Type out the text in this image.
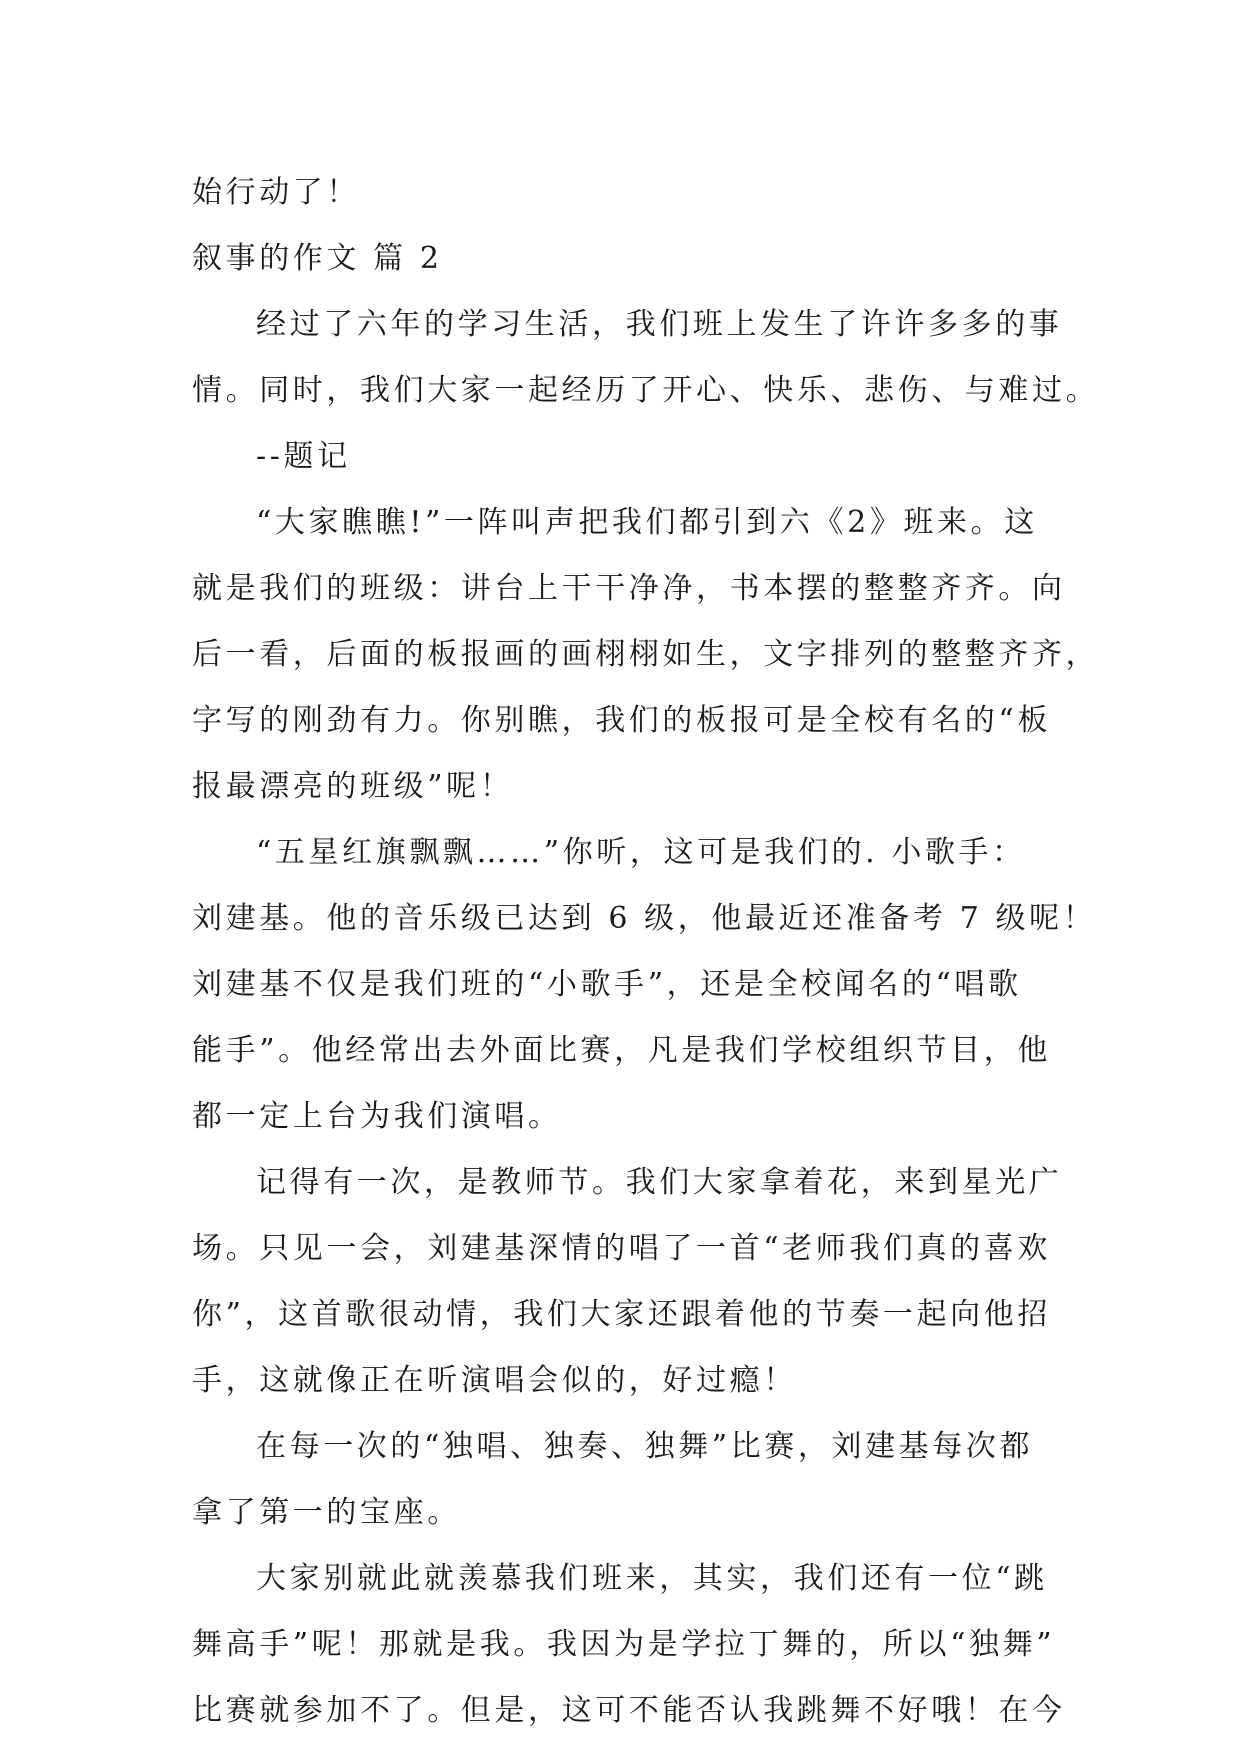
始行动了！
叙事的作文 篇 2
经过了六年的学习生活，我们班上发生了许许多多的事
情。同时，我们大家一起经历了开心、快乐、悲伤、与难过。
--题记
“大家瞧瞧!”一阵叫声把我们都引到六《2》班来。这
就是我们的班级：讲台上干干净净，书本摆的整整齐齐。向
后一看，后面的板报画的画栩栩如生，文字排列的整整齐齐，
字写的刚劲有力。你别瞧，我们的板报可是全校有名的“板
报最漂亮的班级”呢！
“五星红旗飘飘……”你听，这可是我们的. 小歌手：
刘建基。他的音乐级已达到 6 级，他最近还准备考 7 级呢！
刘建基不仅是我们班的“小歌手”，还是全校闻名的“唱歌
能手”。他经常出去外面比赛，凡是我们学校组织节目，他
都一定上台为我们演唱。
记得有一次，是教师节。我们大家拿着花，来到星光广
场。只见一会，刘建基深情的唱了一首“老师我们真的喜欢
你”，这首歌很动情，我们大家还跟着他的节奏一起向他招
手，这就像正在听演唱会似的，好过瘾！
在每一次的“独唱、独奏、独舞”比赛，刘建基每次都
拿了第一的宝座。
大家别就此就羡慕我们班来，其实，我们还有一位“跳
舞高手”呢！那就是我。我因为是学拉丁舞的，所以“独舞”
比赛就参加不了。但是，这可不能否认我跳舞不好哦！在今
